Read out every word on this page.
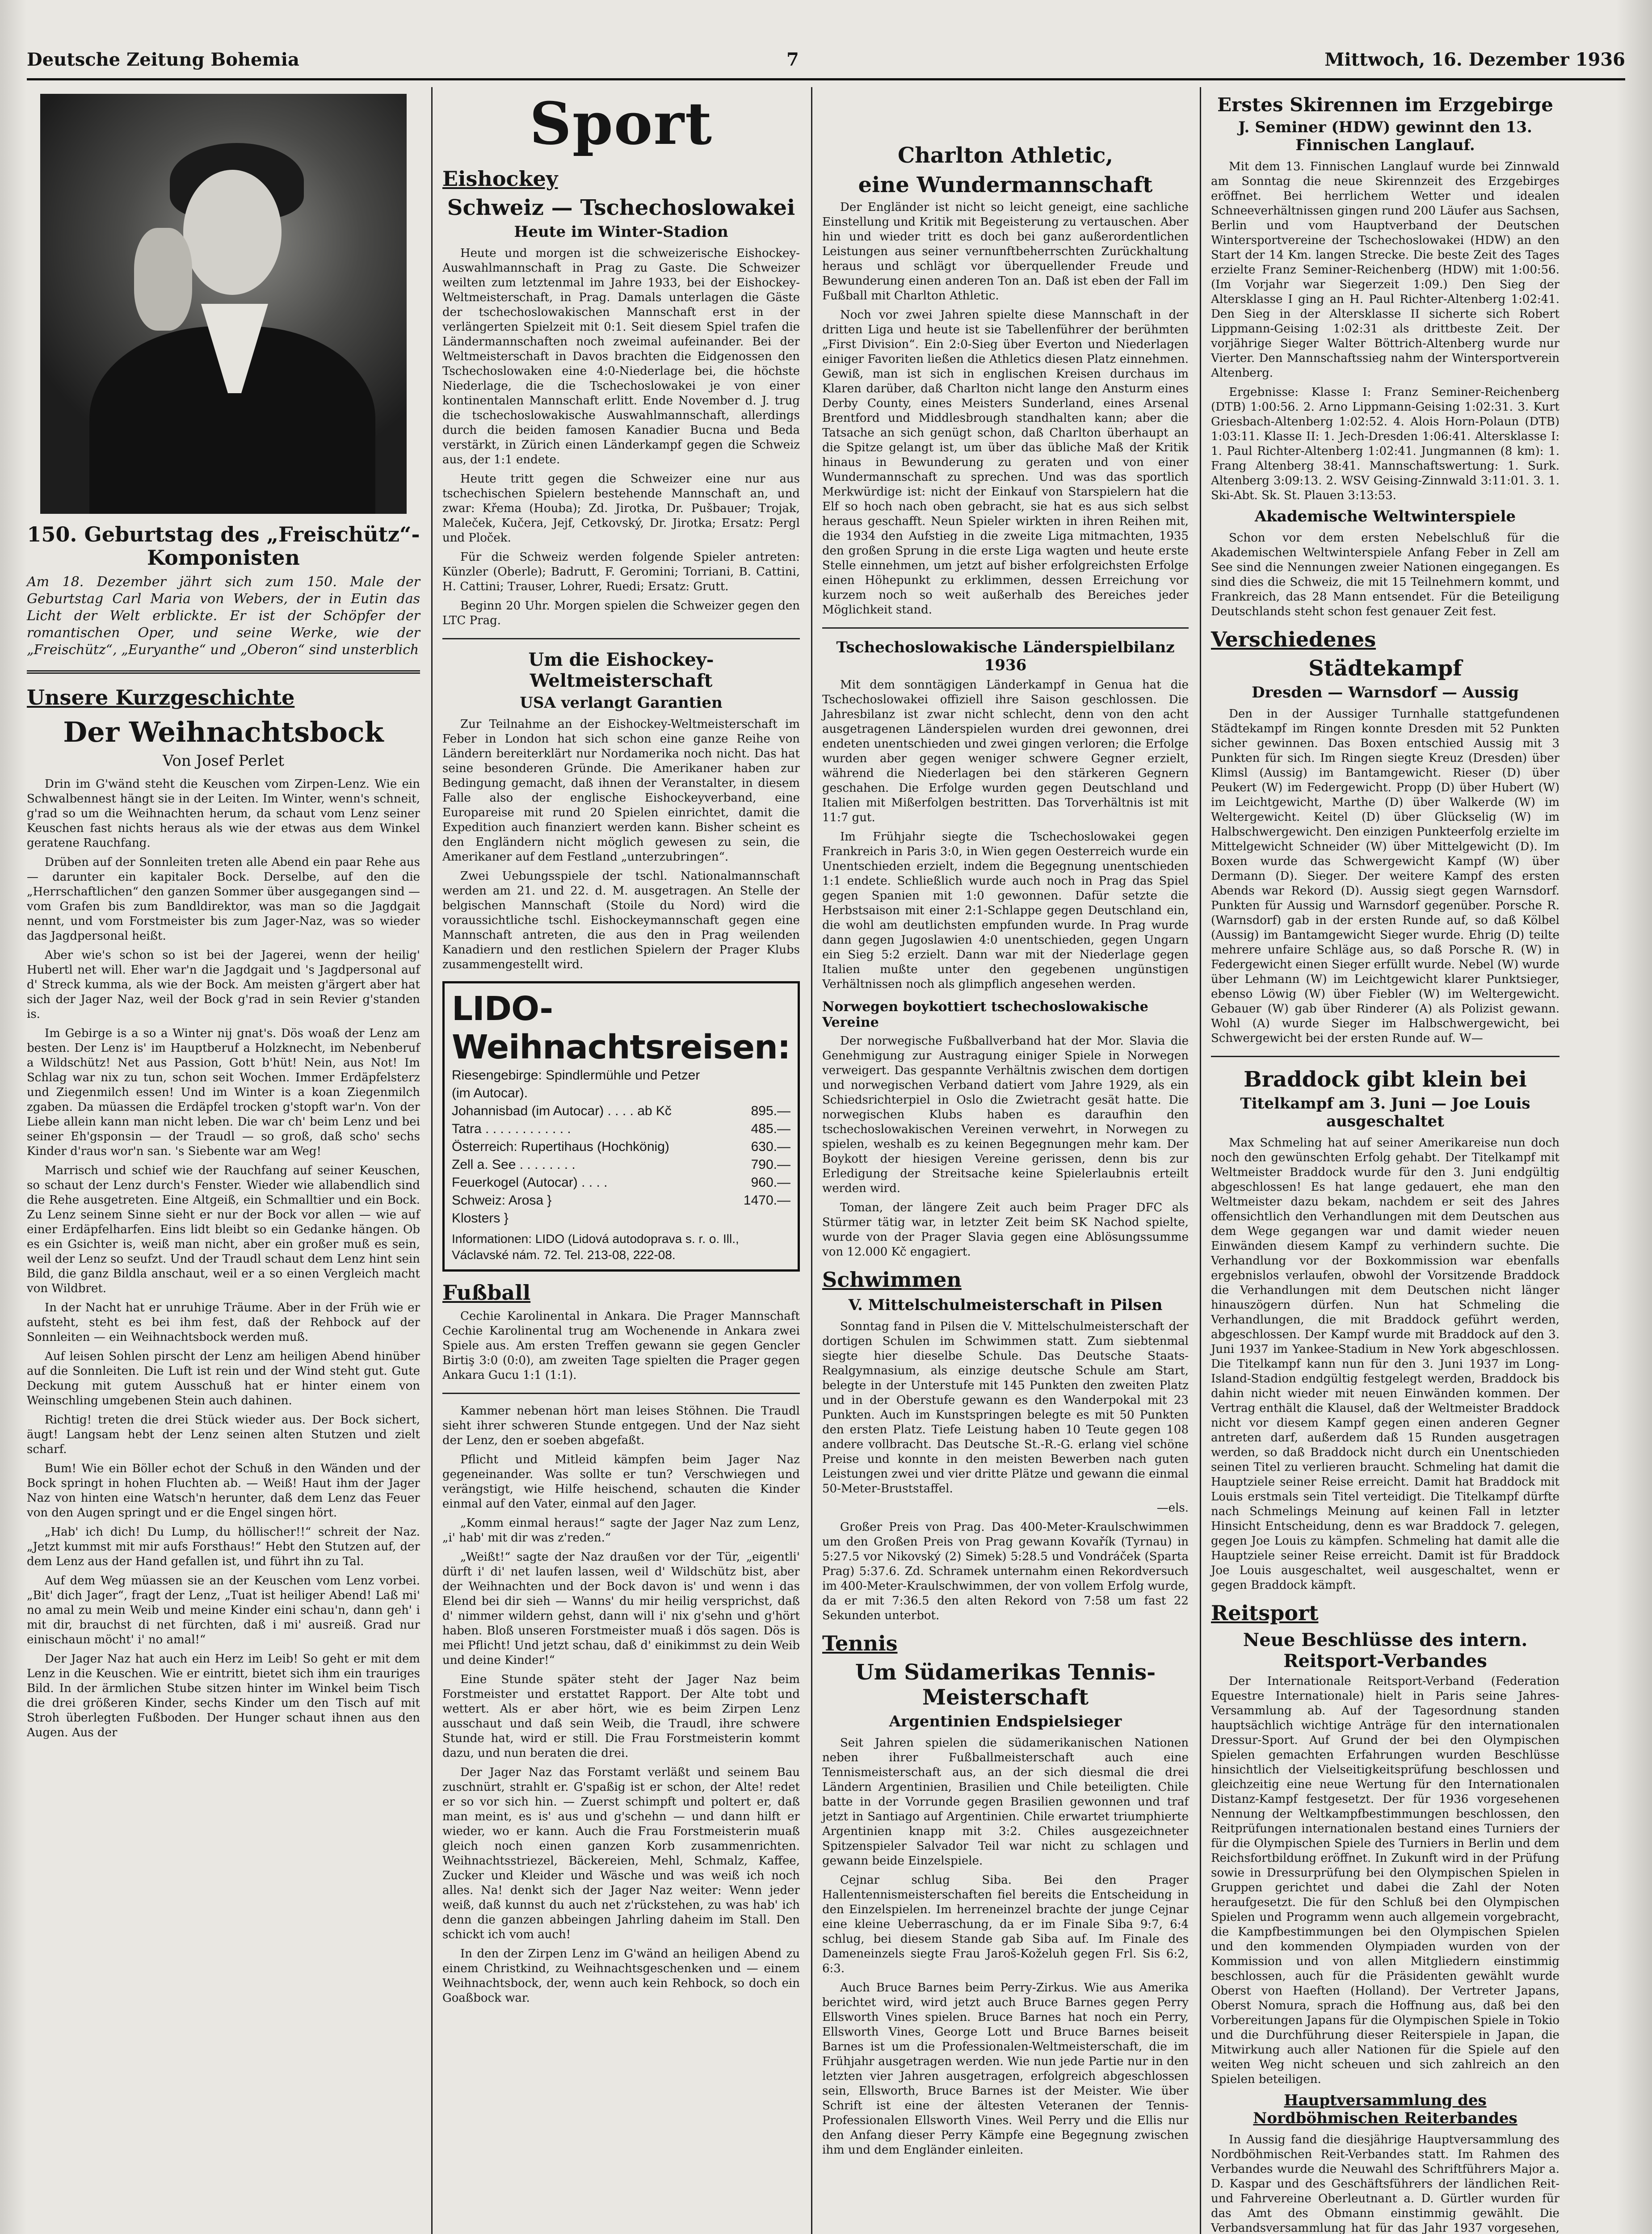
Deutsche Zeitung Bohemia	7	Mittwoch, 16. Dezember 1936
150. Geburtstag des „Freischütz“-Komponisten
Am 18. Dezember jährt sich zum 150. Male der Geburtstag Carl Maria von Webers, der in Eutin das Licht der Welt erblickte. Er ist der Schöpfer der romantischen Oper, und seine Werke, wie der „Freischütz“, „Euryanthe“ und „Oberon“ sind unsterblich
Unsere Kurzgeschichte
Der Weihnachtsbock
Von Josef Perlet

Drin im G'wänd steht die Keuschen vom Zirpen-Lenz. Wie ein Schwalbennest hängt sie in der Leiten. Im Winter, wenn's schneit, g'rad so um die Weihnachten herum, da schaut vom Lenz seiner Keuschen fast nichts heraus als wie der etwas aus dem Winkel geratene Rauchfang.

Drüben auf der Sonnleiten treten alle Abend ein paar Rehe aus — darunter ein kapitaler Bock. Derselbe, auf den die „Herrschaftlichen“ den ganzen Sommer über ausgegangen sind — vom Grafen bis zum Bandldirektor, was man so die Jagdgait nennt, und vom Forstmeister bis zum Jager-Naz, was so wieder das Jagdpersonal heißt.

Aber wie's schon so ist bei der Jagerei, wenn der heilig' Hubertl net will. Eher war'n die Jagdgait und 's Jagdpersonal auf d' Streck kumma, als wie der Bock. Am meisten g'ärgert aber hat sich der Jager Naz, weil der Bock g'rad in sein Revier g'standen is.

Im Gebirge is a so a Winter nij gnat's. Dös woaß der Lenz am besten. Der Lenz is' im Hauptberuf a Holzknecht, im Nebenberuf a Wildschütz! Net aus Passion, Gott b'hüt! Nein, aus Not! Im Schlag war nix zu tun, schon seit Wochen. Immer Erdäpfelsterz und Ziegenmilch essen! Und im Winter is a koan Ziegenmilch zgaben. Da müassen die Erdäpfel trocken g'stopft war'n. Von der Liebe allein kann man nicht leben. Die war ch' beim Lenz und bei seiner Eh'gsponsin — der Traudl — so groß, daß scho' sechs Kinder d'raus wor'n san. 's Siebente war am Weg!

Marrisch und schief wie der Rauchfang auf seiner Keuschen, so schaut der Lenz durch's Fenster. Wieder wie allabendlich sind die Rehe ausgetreten. Eine Altgeiß, ein Schmalltier und ein Bock. Zu Lenz seinem Sinne sieht er nur der Bock vor allen — wie auf einer Erdäpfelharfen. Eins lidt bleibt so ein Gedanke hängen. Ob es ein Gsichter is, weiß man nicht, aber ein großer muß es sein, weil der Lenz so seufzt. Und der Traudl schaut dem Lenz hint sein Bild, die ganz Bildla anschaut, weil er a so einen Vergleich macht von Wildbret.

In der Nacht hat er unruhige Träume. Aber in der Früh wie er aufsteht, steht es bei ihm fest, daß der Rehbock auf der Sonnleiten — ein Weihnachtsbock werden muß.

Auf leisen Sohlen pirscht der Lenz am heiligen Abend hinüber auf die Sonnleiten. Die Luft ist rein und der Wind steht gut. Gute Deckung mit gutem Ausschuß hat er hinter einem von Weinschling umgebenen Stein auch dahinen.

Richtig! treten die drei Stück wieder aus. Der Bock sichert, äugt! Langsam hebt der Lenz seinen alten Stutzen und zielt scharf.

Bum! Wie ein Böller echot der Schuß in den Wänden und der Bock springt in hohen Fluchten ab. — Weiß! Haut ihm der Jager Naz von hinten eine Watsch'n herunter, daß dem Lenz das Feuer von den Augen springt und er die Engel singen hört.

„Hab' ich dich! Du Lump, du höllischer!!“ schreit der Naz. „Jetzt kummst mit mir aufs Forsthaus!“ Hebt den Stutzen auf, der dem Lenz aus der Hand gefallen ist, und führt ihn zu Tal.

Auf dem Weg müassen sie an der Keuschen vom Lenz vorbei. „Bit' dich Jager“, fragt der Lenz, „Tuat ist heiliger Abend! Laß mi' no amal zu mein Weib und meine Kinder eini schau'n, dann geh' i mit dir, brauchst di net fürchten, daß i mi' ausreiß. Grad nur einischaun möcht' i' no amal!“

Der Jager Naz hat auch ein Herz im Leib! So geht er mit dem Lenz in die Keuschen. Wie er eintritt, bietet sich ihm ein trauriges Bild. In der ärmlichen Stube sitzen hinter im Winkel beim Tisch die drei größeren Kinder, sechs Kinder um den Tisch auf mit Stroh überlegten Fußboden. Der Hunger schaut ihnen aus den Augen. Aus der

Sport
Eishockey
Schweiz — Tschechoslowakei
Heute im Winter-Stadion

Heute und morgen ist die schweizerische Eishockey-Auswahlmannschaft in Prag zu Gaste. Die Schweizer weilten zum letztenmal im Jahre 1933, bei der Eishockey-Weltmeisterschaft, in Prag. Damals unterlagen die Gäste der tschechoslowakischen Mannschaft erst in der verlängerten Spielzeit mit 0:1. Seit diesem Spiel trafen die Ländermannschaften noch zweimal aufeinander. Bei der Weltmeisterschaft in Davos brachten die Eidgenossen den Tschechoslowaken eine 4:0-Niederlage bei, die höchste Niederlage, die die Tschechoslowakei je von einer kontinentalen Mannschaft erlitt. Ende November d. J. trug die tschechoslowakische Auswahlmannschaft, allerdings durch die beiden famosen Kanadier Bucna und Beda verstärkt, in Zürich einen Länderkampf gegen die Schweiz aus, der 1:1 endete.

Heute tritt gegen die Schweizer eine nur aus tschechischen Spielern bestehende Mannschaft an, und zwar: Křema (Houba); Zd. Jirotka, Dr. Pušbauer; Trojak, Maleček, Kučera, Jejf, Cetkovský, Dr. Jirotka; Ersatz: Pergl und Ploček.

Für die Schweiz werden folgende Spieler antreten: Künzler (Oberle); Badrutt, F. Geromini; Torriani, B. Cattini, H. Cattini; Trauser, Lohrer, Ruedi; Ersatz: Grutt.

Beginn 20 Uhr. Morgen spielen die Schweizer gegen den LTC Prag.

Um die Eishockey-Weltmeisterschaft
USA verlangt Garantien

Zur Teilnahme an der Eishockey-Weltmeisterschaft im Feber in London hat sich schon eine ganze Reihe von Ländern bereiterklärt nur Nordamerika noch nicht. Das hat seine besonderen Gründe. Die Amerikaner haben zur Bedingung gemacht, daß ihnen der Veranstalter, in diesem Falle also der englische Eishockeyverband, eine Europareise mit rund 20 Spielen einrichtet, damit die Expedition auch finanziert werden kann. Bisher scheint es den Engländern nicht möglich gewesen zu sein, die Amerikaner auf dem Festland „unterzubringen“.

Zwei Uebungsspiele der tschl. Nationalmannschaft werden am 21. und 22. d. M. ausgetragen. An Stelle der belgischen Mannschaft (Stoile du Nord) wird die voraussichtliche tschl. Eishockeymannschaft gegen eine Mannschaft antreten, die aus den in Prag weilenden Kanadiern und den restlichen Spielern der Prager Klubs zusammengestellt wird.

LIDO-Weihnachtsreisen:
Riesengebirge: Spindlermühle und Petzer (im Autocar).
Johannisbad (im Autocar) . . . . ab Kč	895.—
Tatra . . . . . . . . . . . .	485.—
Österreich: Rupertihaus (Hochkönig)	630.—
Zell a. See . . . . . . . .	790.—
Feuerkogel (Autocar) . . . .	960.—
Schweiz: Arosa }	1470.—
Klosters }
Informationen: LIDO (Lidová autodoprava s. r. o. Ill., Václavské nám. 72. Tel. 213-08, 222-08.
Fußball

Cechie Karolinental in Ankara. Die Prager Mannschaft Cechie Karolinental trug am Wochenende in Ankara zwei Spiele aus. Am ersten Treffen gewann sie gegen Gencler Birtiş 3:0 (0:0), am zweiten Tage spielten die Prager gegen Ankara Gucu 1:1 (1:1).

Kammer nebenan hört man leises Stöhnen. Die Traudl sieht ihrer schweren Stunde entgegen. Und der Naz sieht der Lenz, den er soeben abgefaßt.

Pflicht und Mitleid kämpfen beim Jager Naz gegeneinander. Was sollte er tun? Verschwiegen und verängstigt, wie Hilfe heischend, schauten die Kinder einmal auf den Vater, einmal auf den Jager.

„Komm einmal heraus!“ sagte der Jager Naz zum Lenz, „i' hab' mit dir was z'reden.“

„Weißt!“ sagte der Naz draußen vor der Tür, „eigentli' dürft i' di' net laufen lassen, weil d' Wildschütz bist, aber der Weihnachten und der Bock davon is' und wenn i das Elend bei dir sieh — Wanns' du mir heilig versprichst, daß d' nimmer wildern gehst, dann will i' nix g'sehn und g'hört haben. Bloß unseren Forstmeister muaß i dös sagen. Dös is mei Pflicht! Und jetzt schau, daß d' einikimmst zu dein Weib und deine Kinder!“

Eine Stunde später steht der Jager Naz beim Forstmeister und erstattet Rapport. Der Alte tobt und wettert. Als er aber hört, wie es beim Zirpen Lenz ausschaut und daß sein Weib, die Traudl, ihre schwere Stunde hat, wird er still. Die Frau Forstmeisterin kommt dazu, und nun beraten die drei.

Der Jager Naz das Forstamt verläßt und seinem Bau zuschnürt, strahlt er. G'spaßig ist er schon, der Alte! redet er so vor sich hin. — Zuerst schimpft und poltert er, daß man meint, es is' aus und g'schehn — und dann hilft er wieder, wo er kann. Auch die Frau Forstmeisterin muaß gleich noch einen ganzen Korb zusammenrichten. Weihnachtsstriezel, Bäckereien, Mehl, Schmalz, Kaffee, Zucker und Kleider und Wäsche und was weiß ich noch alles. Na! denkt sich der Jager Naz weiter: Wenn jeder weiß, daß kunnst du auch net z'rückstehen, zu was hab' ich denn die ganzen abbeingen Jahrling daheim im Stall. Den schickt ich vom auch!

In den der Zirpen Lenz im G'wänd an heiligen Abend zu einem Christkind, zu Weihnachtsgeschenken und — einem Weihnachtsbock, der, wenn auch kein Rehbock, so doch ein Goaßbock war.

Charlton Athletic,
eine Wundermannschaft

Der Engländer ist nicht so leicht geneigt, eine sachliche Einstellung und Kritik mit Begeisterung zu vertauschen. Aber hin und wieder tritt es doch bei ganz außerordentlichen Leistungen aus seiner vernunftbeherrschten Zurückhaltung heraus und schlägt vor überquellender Freude und Bewunderung einen anderen Ton an. Daß ist eben der Fall im Fußball mit Charlton Athletic.

Noch vor zwei Jahren spielte diese Mannschaft in der dritten Liga und heute ist sie Tabellenführer der berühmten „First Division“. Ein 2:0-Sieg über Everton und Niederlagen einiger Favoriten ließen die Athletics diesen Platz einnehmen. Gewiß, man ist sich in englischen Kreisen durchaus im Klaren darüber, daß Charlton nicht lange den Ansturm eines Derby County, eines Meisters Sunderland, eines Arsenal Brentford und Middlesbrough standhalten kann; aber die Tatsache an sich genügt schon, daß Charlton überhaupt an die Spitze gelangt ist, um über das übliche Maß der Kritik hinaus in Bewunderung zu geraten und von einer Wundermannschaft zu sprechen. Und was das sportlich Merkwürdige ist: nicht der Einkauf von Starspielern hat die Elf so hoch nach oben gebracht, sie hat es aus sich selbst heraus geschafft. Neun Spieler wirkten in ihren Reihen mit, die 1934 den Aufstieg in die zweite Liga mitmachten, 1935 den großen Sprung in die erste Liga wagten und heute erste Stelle einnehmen, um jetzt auf bisher erfolgreichsten Erfolge einen Höhepunkt zu erklimmen, dessen Erreichung vor kurzem noch so weit außerhalb des Bereiches jeder Möglichkeit stand.

Tschechoslowakische Länderspielbilanz 1936

Mit dem sonntägigen Länderkampf in Genua hat die Tschechoslowakei offiziell ihre Saison geschlossen. Die Jahresbilanz ist zwar nicht schlecht, denn von den acht ausgetragenen Länderspielen wurden drei gewonnen, drei endeten unentschieden und zwei gingen verloren; die Erfolge wurden aber gegen weniger schwere Gegner erzielt, während die Niederlagen bei den stärkeren Gegnern geschahen. Die Erfolge wurden gegen Deutschland und Italien mit Mißerfolgen bestritten. Das Torverhältnis ist mit 11:7 gut.

Im Frühjahr siegte die Tschechoslowakei gegen Frankreich in Paris 3:0, in Wien gegen Oesterreich wurde ein Unentschieden erzielt, indem die Begegnung unentschieden 1:1 endete. Schließlich wurde auch noch in Prag das Spiel gegen Spanien mit 1:0 gewonnen. Dafür setzte die Herbstsaison mit einer 2:1-Schlappe gegen Deutschland ein, die wohl am deutlichsten empfunden wurde. In Prag wurde dann gegen Jugoslawien 4:0 unentschieden, gegen Ungarn ein Sieg 5:2 erzielt. Dann war mit der Niederlage gegen Italien mußte unter den gegebenen ungünstigen Verhältnissen noch als glimpflich angesehen werden.

Norwegen boykottiert tschechoslowakische Vereine

Der norwegische Fußballverband hat der Mor. Slavia die Genehmigung zur Austragung einiger Spiele in Norwegen verweigert. Das gespannte Verhältnis zwischen dem dortigen und norwegischen Verband datiert vom Jahre 1929, als ein Schiedsrichterpiel in Oslo die Zwietracht gesät hatte. Die norwegischen Klubs haben es daraufhin den tschechoslowakischen Vereinen verwehrt, in Norwegen zu spielen, weshalb es zu keinen Begegnungen mehr kam. Der Boykott der hiesigen Vereine gerissen, denn bis zur Erledigung der Streitsache keine Spielerlaubnis erteilt werden wird.

Toman, der längere Zeit auch beim Prager DFC als Stürmer tätig war, in letzter Zeit beim SK Nachod spielte, wurde von der Prager Slavia gegen eine Ablösungssumme von 12.000 Kč engagiert.

Schwimmen
V. Mittelschulmeisterschaft in Pilsen

Sonntag fand in Pilsen die V. Mittelschulmeisterschaft der dortigen Schulen im Schwimmen statt. Zum siebtenmal siegte hier dieselbe Schule. Das Deutsche Staats-Realgymnasium, als einzige deutsche Schule am Start, belegte in der Unterstufe mit 145 Punkten den zweiten Platz und in der Oberstufe gewann es den Wanderpokal mit 23 Punkten. Auch im Kunstspringen belegte es mit 50 Punkten den ersten Platz. Tiefe Leistung haben 10 Teute gegen 108 andere vollbracht. Das Deutsche St.-R.-G. erlang viel schöne Preise und konnte in den meisten Bewerben nach guten Leistungen zwei und vier dritte Plätze und gewann die einmal 50-Meter-Bruststaffel.

—els.

Großer Preis von Prag. Das 400-Meter-Kraulschwimmen um den Großen Preis von Prag gewann Kovařík (Tyrnau) in 5:27.5 vor Nikovský (2) Simek) 5:28.5 und Vondráček (Sparta Prag) 5:37.6. Zd. Schramek unternahm einen Rekordversuch im 400-Meter-Kraulschwimmen, der von vollem Erfolg wurde, da er mit 7:36.5 den alten Rekord von 7:58 um fast 22 Sekunden unterbot.

Tennis
Um Südamerikas Tennis-Meisterschaft
Argentinien Endspielsieger

Seit Jahren spielen die südamerikanischen Nationen neben ihrer Fußballmeisterschaft auch eine Tennismeisterschaft aus, an der sich diesmal die drei Ländern Argentinien, Brasilien und Chile beteiligten. Chile batte in der Vorrunde gegen Brasilien gewonnen und traf jetzt in Santiago auf Argentinien. Chile erwartet triumphierte Argentinien knapp mit 3:2. Chiles ausgezeichneter Spitzenspieler Salvador Teil war nicht zu schlagen und gewann beide Einzelspiele.

Cejnar schlug Siba. Bei den Prager Hallentennismeisterschaften fiel bereits die Entscheidung in den Einzelspielen. Im herreneinzel brachte der junge Cejnar eine kleine Ueberraschung, da er im Finale Siba 9:7, 6:4 schlug, bei diesem Stande gab Siba auf. Im Finale des Dameneinzels siegte Frau Jaroš-Koželuh gegen Frl. Sis 6:2, 6:3.

Auch Bruce Barnes beim Perry-Zirkus. Wie aus Amerika berichtet wird, wird jetzt auch Bruce Barnes gegen Perry Ellsworth Vines spielen. Bruce Barnes hat noch ein Perry, Ellsworth Vines, George Lott und Bruce Barnes beiseit Barnes ist um die Professionalen-Weltmeisterschaft, die im Frühjahr ausgetragen werden. Wie nun jede Partie nur in den letzten vier Jahren ausgetragen, erfolgreich abgeschlossen sein, Ellsworth, Bruce Barnes ist der Meister. Wie über Schrift ist eine der ältesten Veteranen der Tennis-Professionalen Ellsworth Vines. Weil Perry und die Ellis nur den Anfang dieser Perry Kämpfe eine Begegnung zwischen ihm und dem Engländer einleiten.

Erstes Skirennen im Erzgebirge
J. Seminer (HDW) gewinnt den 13. Finnischen Langlauf.

Mit dem 13. Finnischen Langlauf wurde bei Zinnwald am Sonntag die neue Skirennzeit des Erzgebirges eröffnet. Bei herrlichem Wetter und idealen Schneeverhältnissen gingen rund 200 Läufer aus Sachsen, Berlin und vom Hauptverband der Deutschen Wintersportvereine der Tschechoslowakei (HDW) an den Start der 14 Km. langen Strecke. Die beste Zeit des Tages erzielte Franz Seminer-Reichenberg (HDW) mit 1:00:56. (Im Vorjahr war Siegerzeit 1:09.) Den Sieg der Altersklasse I ging an H. Paul Richter-Altenberg 1:02:41. Den Sieg in der Altersklasse II sicherte sich Robert Lippmann-Geising 1:02:31 als drittbeste Zeit. Der vorjährige Sieger Walter Böttrich-Altenberg wurde nur Vierter. Den Mannschaftssieg nahm der Wintersportverein Altenberg.

Ergebnisse: Klasse I: Franz Seminer-Reichenberg (DTB) 1:00:56. 2. Arno Lippmann-Geising 1:02:31. 3. Kurt Griesbach-Altenberg 1:02:52. 4. Alois Horn-Polaun (DTB) 1:03:11. Klasse II: 1. Jech-Dresden 1:06:41. Altersklasse I: 1. Paul Richter-Altenberg 1:02:41. Jungmannen (8 km): 1. Frang Altenberg 38:41. Mannschaftswertung: 1. Surk. Altenberg 3:09:13. 2. WSV Geising-Zinnwald 3:11:01. 3. 1. Ski-Abt. Sk. St. Plauen 3:13:53.

Akademische Weltwinterspiele

Schon vor dem ersten Nebelschluß für die Akademischen Weltwinterspiele Anfang Feber in Zell am See sind die Nennungen zweier Nationen eingegangen. Es sind dies die Schweiz, die mit 15 Teilnehmern kommt, und Frankreich, das 28 Mann entsendet. Für die Beteiligung Deutschlands steht schon fest genauer Zeit fest.

Verschiedenes
Städtekampf
Dresden — Warnsdorf — Aussig

Den in der Aussiger Turnhalle stattgefundenen Städtekampf im Ringen konnte Dresden mit 52 Punkten sicher gewinnen. Das Boxen entschied Aussig mit 3 Punkten für sich. Im Ringen siegte Kreuz (Dresden) über Klimsl (Aussig) im Bantamgewicht. Rieser (D) über Peukert (W) im Federgewicht. Propp (D) über Hubert (W) im Leichtgewicht, Marthe (D) über Walkerde (W) im Weltergewicht. Keitel (D) über Glückselig (W) im Halbschwergewicht. Den einzigen Punkteerfolg erzielte im Mittelgewicht Schneider (W) über Mittelgewicht (D). Im Boxen wurde das Schwergewicht Kampf (W) über Dermann (D). Sieger. Der weitere Kampf des ersten Abends war Rekord (D). Aussig siegt gegen Warnsdorf. Punkten für Aussig und Warnsdorf gegenüber. Porsche R. (Warnsdorf) gab in der ersten Runde auf, so daß Kölbel (Aussig) im Bantamgewicht Sieger wurde. Ehrig (D) teilte mehrere unfaire Schläge aus, so daß Porsche R. (W) in Federgewicht einen Sieger erfüllt wurde. Nebel (W) wurde über Lehmann (W) im Leichtgewicht klarer Punktsieger, ebenso Löwig (W) über Fiebler (W) im Weltergewicht. Gebauer (W) gab über Rinderer (A) als Polizist gewann. Wohl (A) wurde Sieger im Halbschwergewicht, bei Schwergewicht bei der ersten Runde auf. W—

Braddock gibt klein bei
Titelkampf am 3. Juni — Joe Louis ausgeschaltet

Max Schmeling hat auf seiner Amerikareise nun doch noch den gewünschten Erfolg gehabt. Der Titelkampf mit Weltmeister Braddock wurde für den 3. Juni endgültig abgeschlossen! Es hat lange gedauert, ehe man den Weltmeister dazu bekam, nachdem er seit des Jahres offensichtlich den Verhandlungen mit dem Deutschen aus dem Wege gegangen war und damit wieder neuen Einwänden diesem Kampf zu verhindern suchte. Die Verhandlung vor der Boxkommission war ebenfalls ergebnislos verlaufen, obwohl der Vorsitzende Braddock die Verhandlungen mit dem Deutschen nicht länger hinauszögern dürfen. Nun hat Schmeling die Verhandlungen, die mit Braddock geführt werden, abgeschlossen. Der Kampf wurde mit Braddock auf den 3. Juni 1937 im Yankee-Stadium in New York abgeschlossen. Die Titelkampf kann nun für den 3. Juni 1937 im Long-Island-Stadion endgültig festgelegt werden, Braddock bis dahin nicht wieder mit neuen Einwänden kommen. Der Vertrag enthält die Klausel, daß der Weltmeister Braddock nicht vor diesem Kampf gegen einen anderen Gegner antreten darf, außerdem daß 15 Runden ausgetragen werden, so daß Braddock nicht durch ein Unentschieden seinen Titel zu verlieren braucht. Schmeling hat damit die Hauptziele seiner Reise erreicht. Damit hat Braddock mit Louis erstmals sein Titel verteidigt. Die Titelkampf dürfte nach Schmelings Meinung auf keinen Fall in letzter Hinsicht Entscheidung, denn es war Braddock 7. gelegen, gegen Joe Louis zu kämpfen. Schmeling hat damit alle die Hauptziele seiner Reise erreicht. Damit ist für Braddock Joe Louis ausgeschaltet, weil ausgeschaltet, wenn er gegen Braddock kämpft.

Reitsport
Neue Beschlüsse des intern. Reitsport-Verbandes

Der Internationale Reitsport-Verband (Federation Equestre Internationale) hielt in Paris seine Jahres-Versammlung ab. Auf der Tagesordnung standen hauptsächlich wichtige Anträge für den internationalen Dressur-Sport. Auf Grund der bei den Olympischen Spielen gemachten Erfahrungen wurden Beschlüsse hinsichtlich der Vielseitigkeitsprüfung beschlossen und gleichzeitig eine neue Wertung für den Internationalen Distanz-Kampf festgesetzt. Der für 1936 vorgesehenen Nennung der Weltkampfbestimmungen beschlossen, den Reitprüfungen internationalen bestand eines Turniers der für die Olympischen Spiele des Turniers in Berlin und dem Reichsfortbildung eröffnet. In Zukunft wird in der Prüfung sowie in Dressurprüfung bei den Olympischen Spielen in Gruppen gerichtet und dabei die Zahl der Noten heraufgesetzt. Die für den Schluß bei den Olympischen Spielen und Programm wenn auch allgemein vorgebracht, die Kampfbestimmungen bei den Olympischen Spielen und den kommenden Olympiaden wurden von der Kommission und von allen Mitgliedern einstimmig beschlossen, auch für die Präsidenten gewählt wurde Oberst von Haeften (Holland). Der Vertreter Japans, Oberst Nomura, sprach die Hoffnung aus, daß bei den Vorbereitungen Japans für die Olympischen Spiele in Tokio und die Durchführung dieser Reiterspiele in Japan, die Mitwirkung auch aller Nationen für die Spiele auf den weiten Weg nicht scheuen und sich zahlreich an den Spielen beteiligen.

Hauptversammlung des Nordböhmischen Reiterbandes

In Aussig fand die diesjährige Hauptversammlung des Nordböhmischen Reit-Verbandes statt. Im Rahmen des Verbandes wurde die Neuwahl des Schriftführers Major a. D. Kaspar und des Geschäftsführers der ländlichen Reit- und Fahrvereine Oberleutnant a. D. Gürtler wurden für das Amt des Obmann einstimmig gewählt. Die Verbandsversammlung hat für das Jahr 1937 vorgesehen,
